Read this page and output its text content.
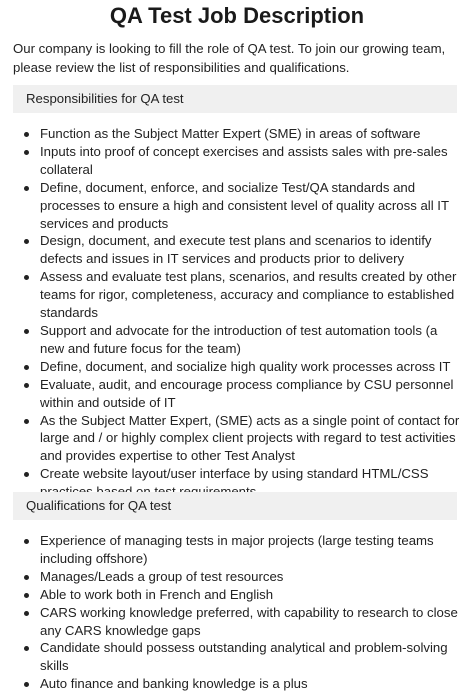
QA Test Job Description
Our company is looking to fill the role of QA test. To join our growing team, please review the list of responsibilities and qualifications.
Responsibilities for QA test
Function as the Subject Matter Expert (SME) in areas of software
Inputs into proof of concept exercises and assists sales with pre-sales collateral
Define, document, enforce, and socialize Test/QA standards and processes to ensure a high and consistent level of quality across all IT services and products
Design, document, and execute test plans and scenarios to identify defects and issues in IT services and products prior to delivery
Assess and evaluate test plans, scenarios, and results created by other teams for rigor, completeness, accuracy and compliance to established standards
Support and advocate for the introduction of test automation tools (a new and future focus for the team)
Define, document, and socialize high quality work processes across IT
Evaluate, audit, and encourage process compliance by CSU personnel within and outside of IT
As the Subject Matter Expert, (SME) acts as a single point of contact for large and / or highly complex client projects with regard to test activities and provides expertise to other Test Analyst
Create website layout/user interface by using standard HTML/CSS
Qualifications for QA test
Experience of managing tests in major projects (large testing teams including offshore)
Manages/Leads a group of test resources
Able to work both in French and English
CARS working knowledge preferred, with capability to research to close any CARS knowledge gaps
Candidate should possess outstanding analytical and problem-solving skills
Auto finance and banking knowledge is a plus
